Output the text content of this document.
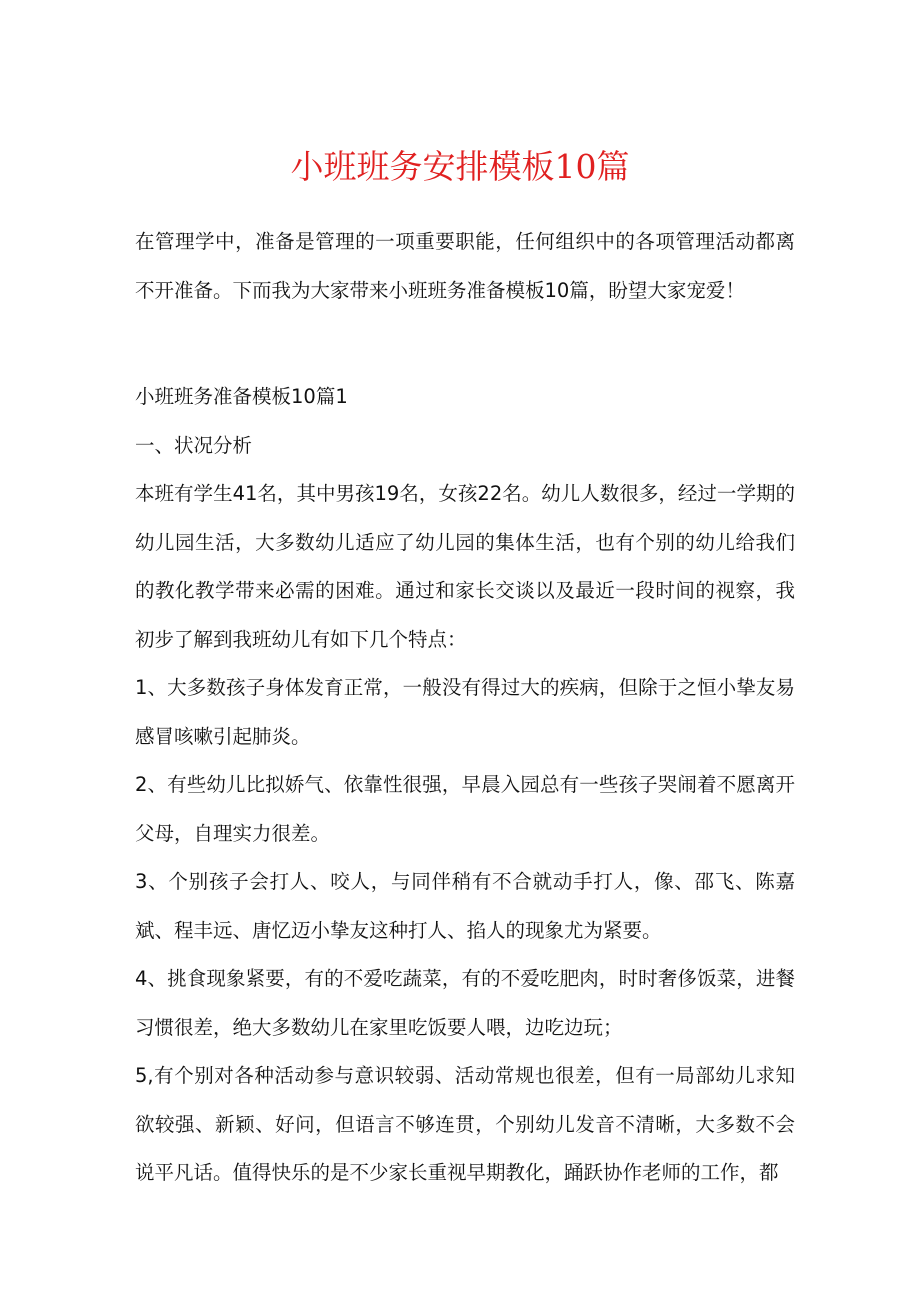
小班班务安排模板10篇

在管理学中，准备是管理的一项重要职能，任何组织中的各项管理活动都离不开准备。下而我为大家带来小班班务准备模板10篇，盼望大家宠爱！

小班班务准备模板10篇1

一、状况分析

本班有学生41名，其中男孩19名，女孩22名。幼儿人数很多，经过一学期的幼儿园生活，大多数幼儿适应了幼儿园的集体生活，也有个别的幼儿给我们的教化教学带来必需的困难。通过和家长交谈以及最近一段时间的视察，我初步了解到我班幼儿有如下几个特点：

1、大多数孩子身体发育正常，一般没有得过大的疾病，但除于之恒小挚友易感冒咳嗽引起肺炎。

2、有些幼儿比拟娇气、依靠性很强，早晨入园总有一些孩子哭闹着不愿离开父母，自理实力很差。

3、个别孩子会打人、咬人，与同伴稍有不合就动手打人，像、邵飞、陈嘉斌、程丰远、唐忆迈小挚友这种打人、掐人的现象尤为紧要。

4、挑食现象紧要，有的不爱吃蔬菜，有的不爱吃肥肉，时时奢侈饭菜，进餐习惯很差，绝大多数幼儿在家里吃饭要人喂，边吃边玩；

5,有个别对各种活动参与意识较弱、活动常规也很差，但有一局部幼儿求知欲较强、新颖、好问，但语言不够连贯，个别幼儿发音不清晰，大多数不会说平凡话。值得快乐的是不少家长重视早期教化，踊跃协作老师的工作，都
